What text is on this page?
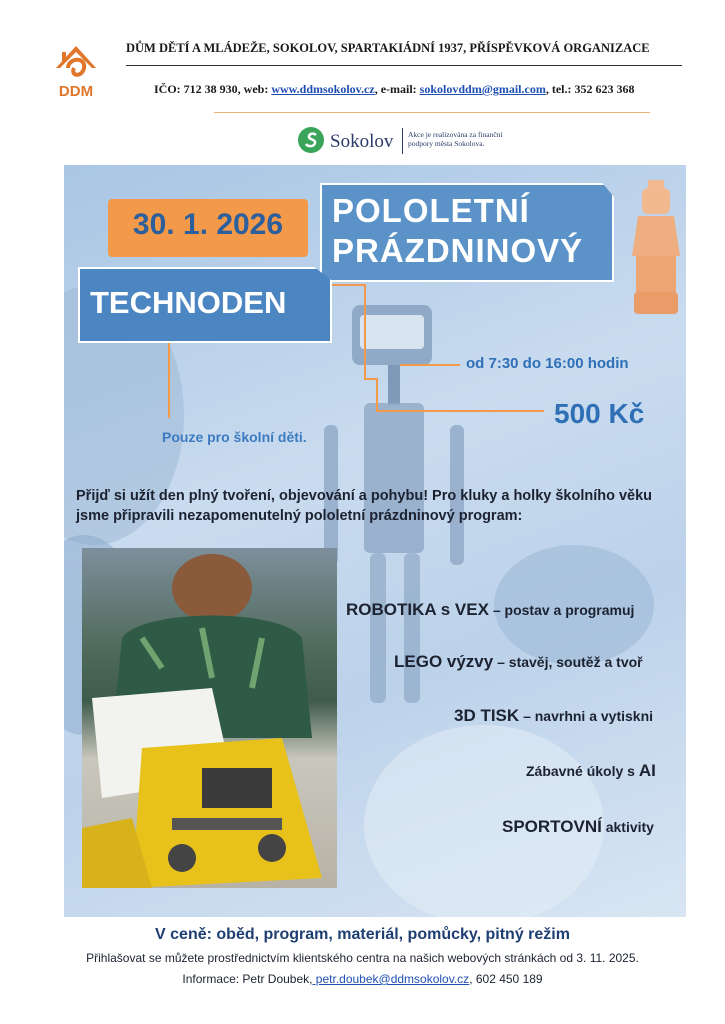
DDM
DŮM DĚTÍ A MLÁDEŽE, SOKOLOV, SPARTAKIÁDNÍ 1937, PŘÍSPĚVKOVÁ ORGANIZACE
IČO: 712 38 930, web: www.ddmsokolov.cz, e-mail: sokolovddm@gmail.com, tel.: 352 623 368
Sokolov Akce je realizována za finanční podpory města Sokolova.
30. 1. 2026	POLOLETNÍ
PRÁZDNINOVÝ
TECHNODEN
od 7:30 do 16:00 hodin
500 Kč
Pouze pro školní děti.
Přijď si užít den plný tvoření, objevování a pohybu! Pro kluky a holky školního věku jsme připravili nezapomenutelný pololetní prázdninový program:
ROBOTIKA s VEX – postav a programuj
LEGO výzvy – stavěj, soutěž a tvoř
3D TISK – navrhni a vytiskni
Zábavné úkoly s AI
SPORTOVNÍ aktivity
V ceně: oběd, program, materiál, pomůcky, pitný režim
Přihlašovat se můžete prostřednictvím klientského centra na našich webových stránkách od 3. 11. 2025.
Informace: Petr Doubek, petr.doubek@ddmsokolov.cz, 602 450 189
